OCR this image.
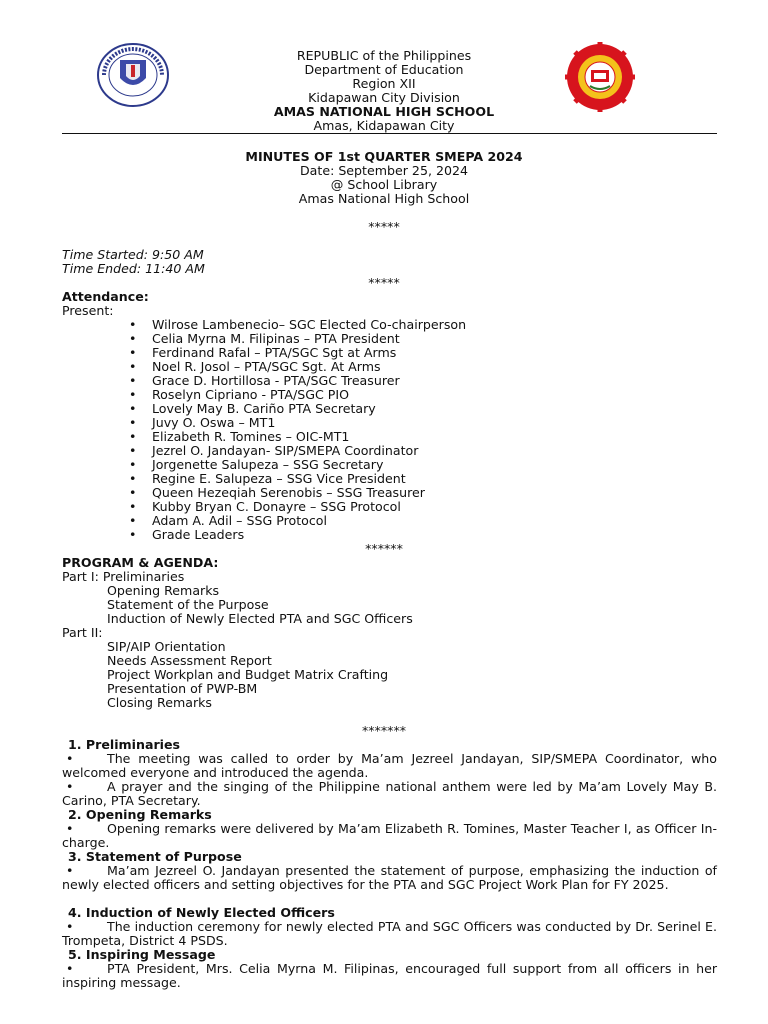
REPUBLIC of the Philippines
Department of Education
Region XII
Kidapawan City Division
AMAS NATIONAL HIGH SCHOOL
Amas, Kidapawan City
MINUTES OF 1st QUARTER SMEPA 2024
Date: September 25, 2024
@ School Library
Amas National High School
*****
Time Started: 9:50 AM
Time Ended: 11:40 AM
*****
Attendance:
Present:
• Wilrose Lambenecio– SGC Elected Co-chairperson
• Celia Myrna M. Filipinas – PTA President
• Ferdinand Rafal – PTA/SGC Sgt at Arms
• Noel R. Josol – PTA/SGC Sgt. At Arms
• Grace D. Hortillosa - PTA/SGC Treasurer
• Roselyn Cipriano - PTA/SGC PIO
• Lovely May B. Cariño PTA Secretary
• Juvy O. Oswa – MT1
• Elizabeth R. Tomines – OIC-MT1
• Jezrel O. Jandayan- SIP/SMEPA Coordinator
• Jorgenette Salupeza – SSG Secretary
• Regine E. Salupeza – SSG Vice President
• Queen Hezeqiah Serenobis – SSG Treasurer
• Kubby Bryan C. Donayre – SSG Protocol
• Adam A. Adil – SSG Protocol
• Grade Leaders
******
PROGRAM & AGENDA:
Part I: Preliminaries
Opening Remarks
Statement of the Purpose
Induction of Newly Elected PTA and SGC Officers
Part II:
SIP/AIP Orientation
Needs Assessment Report
Project Workplan and Budget Matrix Crafting
Presentation of PWP-BM
Closing Remarks
*******
1. Preliminaries
•	The meeting was called to order by Ma’am Jezreel Jandayan, SIP/SMEPA Coordinator, who welcomed everyone and introduced the agenda.
•	A prayer and the singing of the Philippine national anthem were led by Ma’am Lovely May B. Carino, PTA Secretary.
2. Opening Remarks
•	Opening remarks were delivered by Ma’am Elizabeth R. Tomines, Master Teacher I, as Officer In-charge.
3. Statement of Purpose
•	Ma’am Jezreel O. Jandayan presented the statement of purpose, emphasizing the induction of newly elected officers and setting objectives for the PTA and SGC Project Work Plan for FY 2025.
4. Induction of Newly Elected Officers
•	The induction ceremony for newly elected PTA and SGC Officers was conducted by Dr. Serinel E. Trompeta, District 4 PSDS.
5. Inspiring Message
•	PTA President, Mrs. Celia Myrna M. Filipinas, encouraged full support from all officers in her inspiring message.
